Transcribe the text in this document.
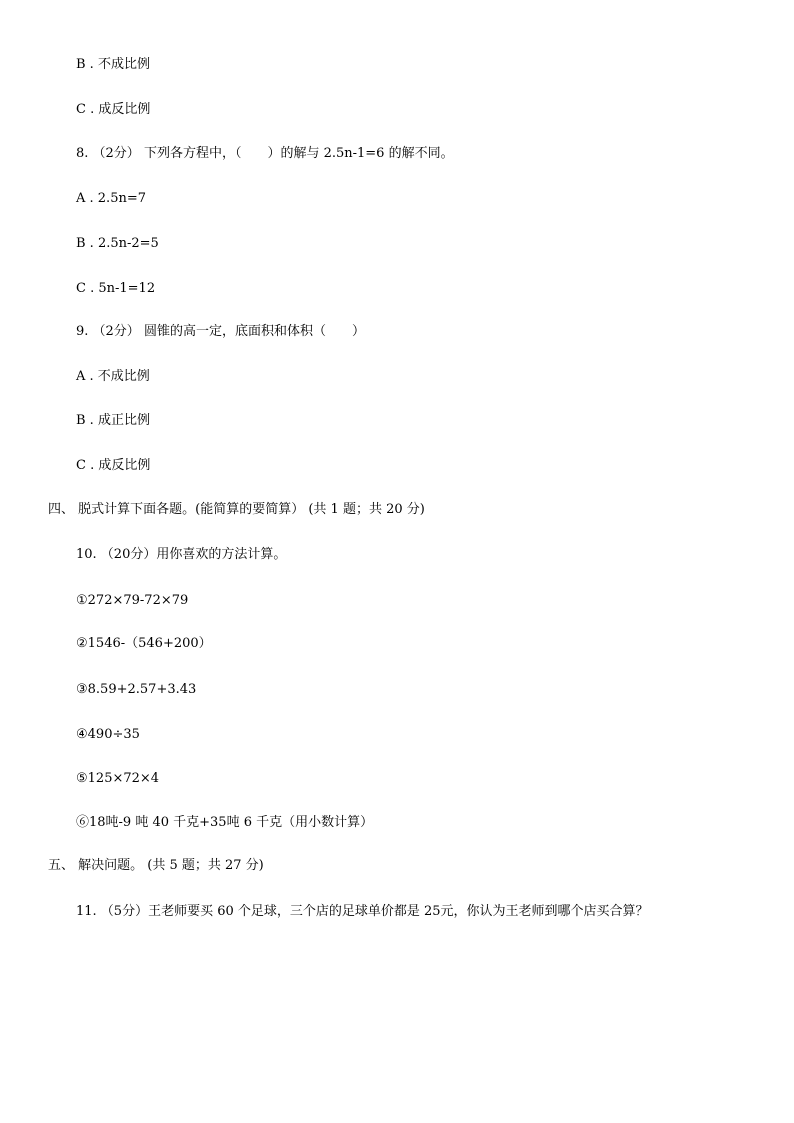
B . 不成比例
C . 成反比例
8. （2分） 下列各方程中，（　　）的解与 2.5n-1=6 的解不同。
A . 2.5n=7
B . 2.5n-2=5
C . 5n-1=12
9. （2分） 圆锥的高一定，底面积和体积（　　）
A . 不成比例
B . 成正比例
C . 成反比例
四、 脱式计算下面各题。(能简算的要简算） (共 1 题；共 20 分)
10. （20分）用你喜欢的方法计算。
①272×79-72×79
②1546-（546+200）
③8.59+2.57+3.43
④490÷35
⑤125×72×4
⑥18吨-9 吨 40 千克+35吨 6 千克（用小数计算）
五、 解决问题。 (共 5 题；共 27 分)
11. （5分）王老师要买 60 个足球，三个店的足球单价都是 25元，你认为王老师到哪个店买合算？
